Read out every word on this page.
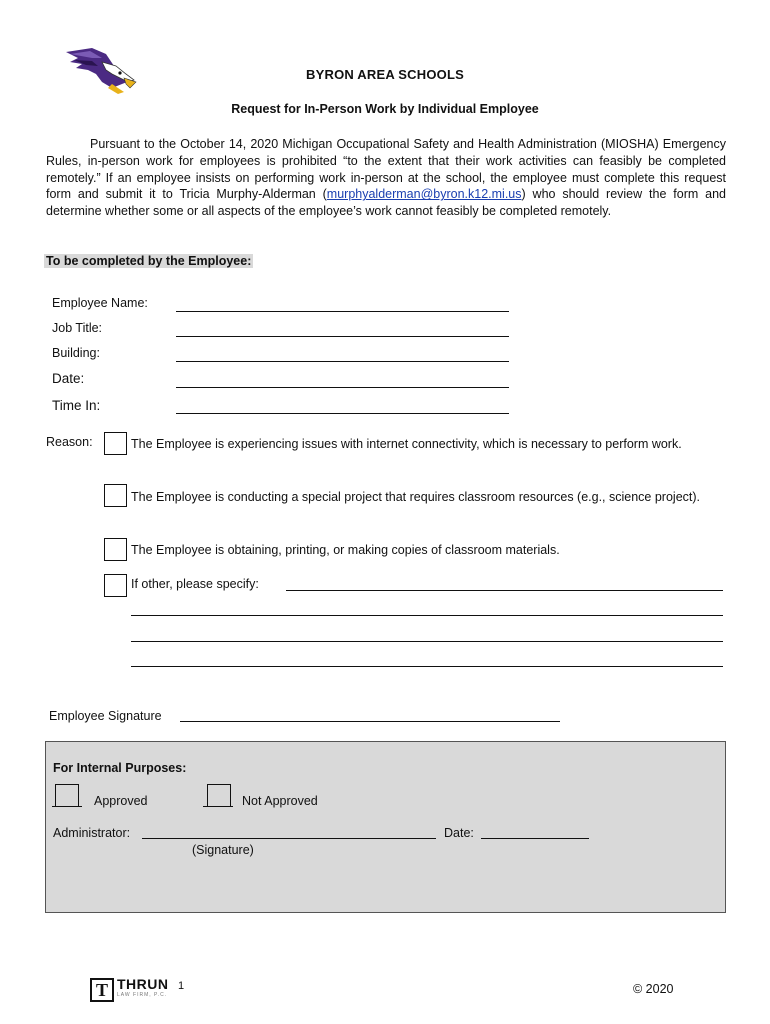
BYRON AREA SCHOOLS
Request for In-Person Work by Individual Employee
Pursuant to the October 14, 2020 Michigan Occupational Safety and Health Administration (MIOSHA) Emergency Rules, in-person work for employees is prohibited “to the extent that their work activities can feasibly be completed remotely.” If an employee insists on performing work in-person at the school, the employee must complete this request form and submit it to Tricia Murphy-Alderman (murphyalderman@byron.k12.mi.us) who should review the form and determine whether some or all aspects of the employee’s work cannot feasibly be completed remotely.
To be completed by the Employee:
Employee Name:
Job Title:
Building:
Date:
Time In:
Reason:	The Employee is experiencing issues with internet connectivity, which is necessary to perform work.
The Employee is conducting a special project that requires classroom resources (e.g., science project).
The Employee is obtaining, printing, or making copies of classroom materials.
If other, please specify:
Employee Signature
For Internal Purposes:
Approved	Not Approved
Administrator:	Date:
(Signature)
T THRUN
LAW FIRM, P.C.
1	© 2020
